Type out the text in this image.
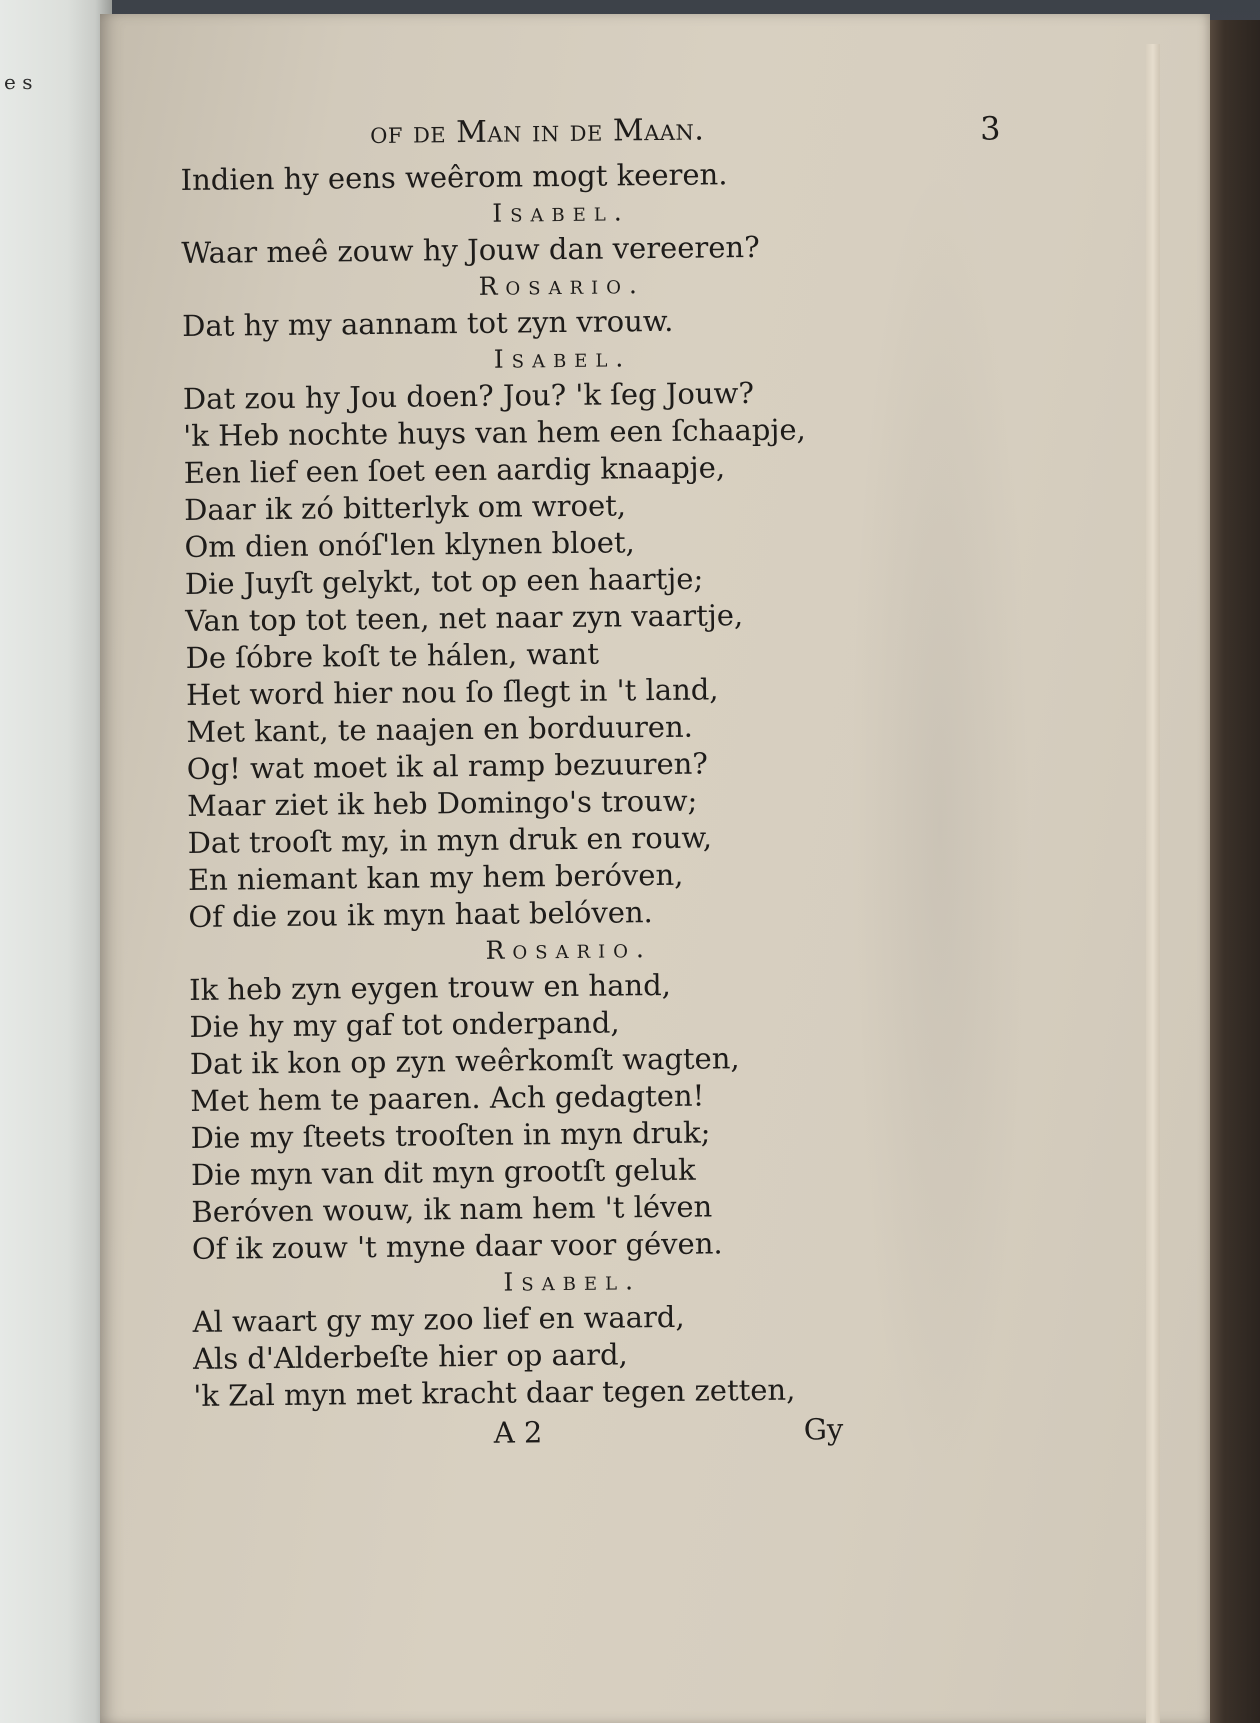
e s
of de Man in de Maan.	3
Indien hy eens weêrom mogt keeren.
Isabel.
Waar meê zouw hy Jouw dan vereeren?
Rosario.
Dat hy my aannam tot zyn vrouw.
Isabel.
Dat zou hy Jou doen? Jou? 'k ſeg Jouw?
'k Heb nochte huys van hem een ſchaapje,
Een lief een ſoet een aardig knaapje,
Daar ik zó bitterlyk om wroet,
Om dien onóſ'len klynen bloet,
Die Juyſt gelykt, tot op een haartje;
Van top tot teen, net naar zyn vaartje,
De ſóbre koſt te hálen, want
Het word hier nou ſo ſlegt in 't land,
Met kant, te naajen en borduuren.
Og! wat moet ik al ramp bezuuren?
Maar ziet ik heb Domingo's trouw;
Dat trooſt my, in myn druk en rouw,
En niemant kan my hem beróven,
Of die zou ik myn haat belóven.
Rosario.
Ik heb zyn eygen trouw en hand,
Die hy my gaf tot onderpand,
Dat ik kon op zyn weêrkomſt wagten,
Met hem te paaren. Ach gedagten!
Die my ſteets trooſten in myn druk;
Die myn van dit myn grootſt geluk
Beróven wouw, ik nam hem 't léven
Of ik zouw 't myne daar voor géven.
Isabel.
Al waart gy my zoo lief en waard,
Als d'Alderbeſte hier op aard,
'k Zal myn met kracht daar tegen zetten,
A 2	Gy
